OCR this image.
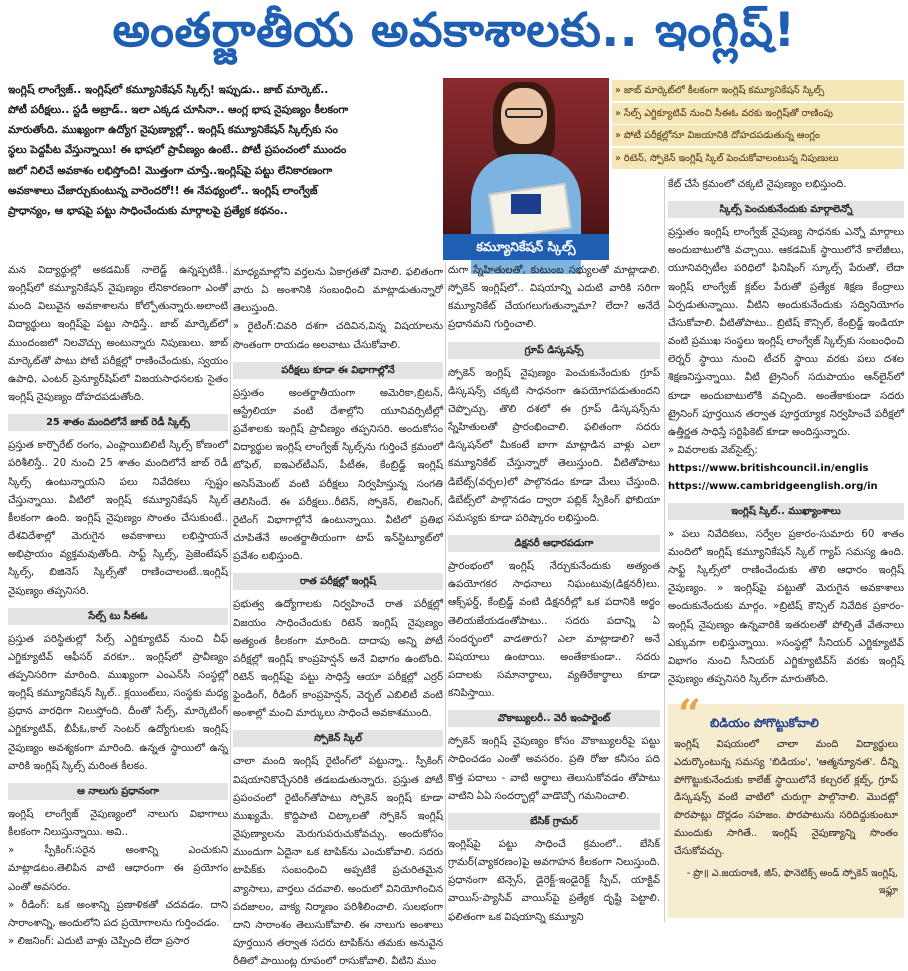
అంతర్జాతీయ అవకాశాలకు.. ఇంగ్లిష్‌!
ఇంగ్లిష్‌ లాంగ్వేజ్‌.. ఇంగ్లిష్‌లో కమ్యూనికేషన్‌ స్కిల్స్‌! ఇప్పుడు.. జాబ్‌ మార్కెట్‌..
పోటీ పరీక్షలు.. స్టడీ అబ్రాడ్‌.. ఇలా ఎక్కడ చూసినా.. ఆంగ్ల భాష నైపుణ్యం కీలకంగా
మారుతోంది. ముఖ్యంగా ఉద్యోగ నైపుణ్యాల్లో.. ఇంగ్లిష్‌ కమ్యూనికేషన్‌ స్కిల్స్‌కు సం
స్థలు పెద్దపీట వేస్తున్నాయి! ఈ భాషలో ప్రావీణ్యం ఉంటే.. పోటీ ప్రపంచంలో ముందం
జలో నిలిచే అవకాశం లభిస్తోంది! మొత్తంగా చూస్తే..ఇంగ్లిష్‌పై పట్టు లేనికారణంగా
అవకాశాలు చేజార్చుకుంటున్న వారెందరో!! ఈ నేపథ్యంలో.. ఇంగ్లిష్‌ లాంగ్వేజ్‌
ప్రాధాన్యం, ఆ భాషపై పట్టు సాధించేందుకు మార్గాలపై ప్రత్యేక కథనం..
కమ్యూనికేషన్‌ స్కిల్స్‌
» జాబ్‌ మార్కెట్‌లో కీలకంగా ఇంగ్లిష్‌ కమ్యూనికేషన్‌ స్కిల్స్‌
» సేల్స్‌ ఎగ్జిక్యూటివ్‌ నుంచి సీఈఓ వరకు ఇంగ్లిష్‌తో రాణింపు
» పోటీ పరీక్షల్లోనూ విజయానికి దోహదపడుతున్న ఆంగ్లం
» రిటెన్‌, స్పోకెన్‌ ఇంగ్లిష్‌ స్కిల్‌ పెంచుకోవాలంటున్న నిపుణులు
మన విద్యార్థుల్లో అకడమిక్‌ నాలెడ్జ్‌ ఉన్నప్పటికీ.. ఇంగ్లిష్‌లో కమ్యూనికేషన్‌ నైపుణ్యం లేనికారణంగా ఎంతో మంది విలువైన అవకాశాలను కోల్పోతున్నారు.అలాంటి విద్యార్థులు ఇంగ్లిష్‌పై పట్టు సాధిస్తే.. జాబ్‌ మార్కెట్‌లో ముందంజలో నిలవొచ్చు అంటున్నారు నిపుణులు. జాబ్‌ మార్కెట్‌తో పాటు పోటీ పరీక్షల్లో రాణించేందుకు, స్వయం ఉపాధి, ఎంటర్‌ ప్రెన్యూర్‌షిప్‌లో విజయసాధనలకు సైతం ఇంగ్లిష్‌ నైపుణ్యం దోహదపడుతోంది.
25 శాతం మందిలోనే జాబ్‌ రెడీ స్కిల్స్‌
ప్రస్తుత కార్పొరేట్‌ రంగం, ఎంప్లాయిబిలిటీ స్కిల్స్‌ కోణంలో పరిశీలిస్తే.. 20 నుంచి 25 శాతం మందిలోనే జాబ్‌ రెడీ స్కిల్స్‌ ఉంటున్నాయని పలు నివేదికలు స్పష్టం చేస్తున్నాయి. వీటిలో ఇంగ్లిష్‌ కమ్యూనికేషన్‌ స్కిల్‌ కీలకంగా ఉంది. ఇంగ్లిష్‌ నైపుణ్యం సొంతం చేసుకుంటే.. దేశవిదేశాల్లో మెరుగైన అవకాశాలు లభిస్తాయనే అభిప్రాయం వ్యక్తమవుతోంది. సాఫ్ట్‌ స్కిల్స్‌, ప్రెజెంటేషన్‌ స్కిల్స్‌, బిజినెస్‌ స్కిల్స్‌తో రాణించాలంటే..ఇంగ్లిష్‌ నైపుణ్యం తప్పనిసరి.
సేల్స్‌ టు సీఈఓ
ప్రస్తుత పరిస్థితుల్లో సేల్స్‌ ఎగ్జిక్యూటివ్‌ నుంచి చీఫ్‌ ఎగ్జిక్యూటివ్‌ ఆఫీసర్‌ వరకూ.. ఇంగ్లిష్‌లో ప్రావీణ్యం తప్పనిసరిగా మారింది. ముఖ్యంగా ఎంఎన్‌సీ సంస్థల్లో ఇంగ్లిష్‌ కమ్యూనికేషన్‌ స్కిల్‌.. క్లయింట్‌లు, సంస్థకు మధ్య ప్రధాన వారధిగా నిలుస్తోంది. దీంతో సేల్స్‌, మార్కెటింగ్‌ ఎగ్జిక్యూటివ్‌, బీపీఓ,కాల్‌ సెంటర్‌ ఉద్యోగులకు ఇంగ్లిష్‌ నైపుణ్యం అవశ్యకంగా మారింది. ఉన్నత స్థాయిలో ఉన్న వారికి ఇంగ్లిష్‌ స్కిల్స్‌ మరింత కీలకం.
ఆ నాలుగు ప్రధానంగా
ఇంగ్లిష్‌ లాంగ్వేజ్‌ నైపుణ్యంలో నాలుగు విభాగాలు కీలకంగా నిలుస్తున్నాయి. అవి..
» స్పీకింగ్‌:సరైన అంశాన్ని ఎంచుకుని మాట్లాడటం.తెలిపిన వాటి ఆధారంగా ఈ ప్రయోగం ఎంతో అవసరం.
» రీడింగ్‌: ఒక అంశాన్ని ప్రణాళికతో చదవడం. దాని సారాంశాన్ని, అందులోని పద ప్రయోగాలను గుర్తించడం.
» లిజనింగ్‌: ఎదుటి వాళ్లు చెప్పింది లేదా ప్రసార
మాధ్యమాల్లోని వర్తలను ఏకాగ్రతతో వినాలి. ఫలితంగా వారు ఏ అంశానికి సంబంధించి మాట్లాడుతున్నారో తెలుస్తుంది.
» రైటింగ్‌:చివరి దశగా చదివిన,విన్న విషయాలను సొంతంగా రాయడం అలవాటు చేసుకోవాలి.
పరీక్షలు కూడా ఈ విభాగాల్లోనే
ప్రస్తుతం అంతర్జాతీయంగా అమెరికా,బ్రిటన్‌, ఆస్ట్రేలియా వంటి దేశాల్లోని యూనివర్సిటీల్లో ప్రవేశాలకు ఇంగ్లిష్‌ ప్రావీణ్యం తప్పనిసరి. అందుకోసం విద్యార్థుల ఇంగ్లిష్‌ లాంగ్వేజ్‌ స్కిల్స్‌ను గుర్తించే క్రమంలో టోఫెల్‌, ఐఇఎల్‌టీఎస్‌, పీటీఈ, కేంబ్రిడ్జ్‌ ఇంగ్లిష్‌ అసెస్‌మెంట్‌ వంటి పరీక్షలు నిర్వహిస్తున్న సంగతి తెలిసిందే. ఈ పరీక్షలు..రీటెన్‌, స్పోకెన్‌, లిజనింగ్‌, రైటింగ్‌ విభాగాల్లోనే ఉంటున్నాయి. వీటిలో ప్రతిభ చూపితేనే అంతర్జాతీయంగా టాప్‌ ఇన్‌స్టిట్యూట్‌లో ప్రవేశం లభిస్తుంది.
రాత పరీక్షల్లో ఇంగ్లిష్‌
ప్రభుత్వ ఉద్యోగాలకు నిర్వహించే రాత పరీక్షల్లో విజయం సాధించేందుకు రిటెన్‌ ఇంగ్లిష్‌ నైపుణ్యం అత్యంత కీలకంగా మారింది. దాదాపు అన్ని పోటీ పరీక్షల్లో ఇంగ్లిష్‌ కాంప్రహెన్షన్‌ అనే విభాగం ఉంటోంది. రిటెన్‌ ఇంగ్లిష్‌పై పట్టు సాధిస్తే ఆయా పరీక్షల్లో ఎర్రర్‌ ఫైండింగ్‌, రీడింగ్‌ కాంప్రహెన్షన్‌, వెర్బల్‌ ఎబిలిటీ వంటి అంశాల్లో మంచి మార్కులు సాధించే అవకాశముంది.
స్పోకెన్‌ స్కిల్‌
చాలా మంది ఇంగ్లిష్‌ రైటింగ్‌లో పట్టున్నా.. స్పీకింగ్‌ విషయానికొచ్చేసరికి తడబడుతున్నారు. ప్రస్తుత పోటీ ప్రపంచంలో రైటింగ్‌తోపాటు స్పోకెన్‌ ఇంగ్లిష్‌ కూడా ముఖ్యమే. కొద్దిపాటి చిట్కాలతో స్పోకెన్‌ ఇంగ్లిష్‌ నైపుణ్యాలను మెరుగుపరుచుకోవచ్చు. అందుకోసం ముందుగా ఏదైనా ఒక టాపిక్‌ను ఎంచుకోవాలి. సదరు టాపిక్‌కు సంబంధించి అప్పటికే ప్రచురితమైన వ్యాసాలు, వార్తలు చదవాలి. అందులో వినియోగించిన పదజాలం, వాక్య నిర్మాణం పరిశీలించాలి. సులభంగా దాని సారాంశం తెలుసుకోవాలి. ఈ నాలుగు అంశాలు పూర్తయిన తర్వాత సదరు టాపిక్‌ను తమకు అనువైన రీతిలో పాయింట్ల రూపంలో రాసుకోవాలి. వీటిని ముం
దుగా స్నేహితులతో, కుటుంబ సభ్యులతో మాట్లాడాలి. స్పోకెన్‌ ఇంగ్లిష్‌లో.. విషయాన్ని ఎదుటి వారికి సరిగా కమ్యూనికేట్‌ చేయగలుగుతున్నామా? లేదా? అనేదే ప్రధానమని గుర్తించాలి.
గ్రూప్‌ డిస్కషన్స్‌
స్పోకెన్‌ ఇంగ్లిష్‌ నైపుణ్యం పెంచుకునేందుకు గ్రూప్‌ డిస్కషన్స్‌ చక్కటి సాధనంగా ఉపయోగపడుతుందని చెప్పొచ్చు. తొలి దశలో ఈ గ్రూప్‌ డిస్కషన్స్‌ను స్నేహితులతో ప్రారంభించాలి. ఫలితంగా సదరు డిస్కషన్‌లో మీకంటే బాగా మాట్లాడిన వాళ్లు ఎలా కమ్యూనికేట్‌ చేస్తున్నారో తెలుస్తుంది. వీటితోపాటు డిబేట్స్‌(వర్చల)లో పాల్గొనడం కూడా మేలు చేస్తుంది. డిబేట్స్‌లో పాల్గొనడం ద్వారా పబ్లిక్‌ స్పీకింగ్‌ ఫోబియా సమస్యకు కూడా పరిష్కారం లభిస్తుంది.
డిక్షనరీ ఆధారపడుగా
ప్రారంభంలో ఇంగ్లిష్‌ నేర్చుకునేందుకు అత్యంత ఉపయోగకర సాధనాలు నిఘంటువు(డిక్షనరీ)లు. ఆక్స్‌ఫర్డ్‌, కేంబ్రిడ్జ్‌ వంటి డిక్షనరీల్లో ఒక పదానికి అర్థం తెలియజేయడంతోపాటు.. సదరు పదాన్ని ఏ సందర్భంలో వాడతారు? ఎలా మాట్లాడాలి? అనే విషయాలు ఉంటాయి. అంతేకాకుండా.. సదరు పదాలకు సమానార్థాలు, వ్యతిరేకార్థాలు కూడా కనిపిస్తాయి.
వొకాబ్యులరీ.. వెరీ ఇంపార్టెంట్‌
స్పోకెన్‌ ఇంగ్లిష్‌ నైపుణ్యం కోసం వొకాబ్యులరీపై పట్టు సాధించడం ఎంతో అవసరం. ప్రతి రోజు కనీసం పది కొత్త పదాలు - వాటి అర్థాలు తెలుసుకోవడం తోపాటు వాటిని ఏఏ సందర్భాల్లో వాడొచ్చో గమనించాలి.
బేసిక్‌ గ్రామర్‌
ఇంగ్లిష్‌పై పట్టు సాధించే క్రమంలో.. బేసిక్‌ గ్రామర్‌(వ్యాకరణం)పై అవగాహన కీలకంగా నిలుస్తుంది. ప్రధానంగా టెన్సెస్‌, డైరెక్ట్‌-ఇండైరెక్ట్‌ స్పీచ్‌, యాక్టివ్‌ వాయిస్‌-ప్యాసివ్‌ వాయిస్‌పై ప్రత్యేక దృష్టి పెట్టాలి. ఫలితంగా ఒక విషయాన్ని కమ్యూని
కేట్‌ చేసే క్రమంలో చక్కటి నైపుణ్యం లభిస్తుంది.
స్కిల్స్‌ పెంచుకునేందుకు మార్గాలెన్నో
ప్రస్తుతం ఇంగ్లిష్‌ లాంగ్వేజ్‌ నైపుణ్య సాధనకు ఎన్నో మార్గాలు అందుబాటులోకి వచ్చాయి. ఆకడమిక్‌ స్థాయిలోనే కాలేజీలు, యూనివర్సిటీల పరిధిలో ఫినిషింగ్‌ స్కూల్స్‌ పేరుతో, లేదా ఇంగ్లిష్‌ లాంగ్వేజ్‌ క్లబ్‌ల పేరుతో ప్రత్యేక శిక్షణ కేంద్రాలు ఏర్పడుతున్నాయి. వీటిని అందుకునేందుకు సద్వినియోగం చేసుకోవాలి. వీటితోపాటు.. బ్రిటిష్‌ కౌన్సిల్‌, కేంబ్రిడ్జ్‌ ఇండియా వంటి ప్రముఖ సంస్థలు ఇంగ్లిష్‌ లాంగ్వేజ్‌ స్కిల్స్‌కు సంబంధించి లెర్నర్‌ స్థాయి నుంచి టీచర్‌ స్థాయి వరకు పలు దశల శిక్షణనిస్తున్నాయి. వీటి ట్రైనింగ్‌ సదుపాయం ఆన్‌లైన్‌లో కూడా అందుబాటులోకి వచ్చింది. అంతేకాకుండా సదరు ట్రైనింగ్‌ పూర్తయిన తర్వాత పూర్తయ్యాక నిర్వహించే పరీక్షలో ఉత్తీర్ణత సాధిస్తే సర్టిఫికెట్‌ కూడా అందిస్తున్నారు.
» వివరాలకు వెబ్‌సైట్స్‌:
https://www.britishcouncil.in/englis
https://www.cambridgeenglish.org/in
ఇంగ్లిష్‌ స్కిల్‌.. ముఖ్యాంశాలు
» పలు నివేదికలు, సర్వేల ప్రకారం-సుమారు 60 శాతం మందిలో ఇంగ్లిష్‌ కమ్యూనికేషన్‌ స్కిల్‌ గ్యాప్‌ సమస్య ఉంది. సాఫ్ట్‌ స్కిల్స్‌లో రాణించేందుకు తొలి ఆధారం ఇంగ్లిష్‌ నైపుణ్యం. » ఇంగ్లిష్‌పై పట్టుతో మెరుగైన అవకాశాలు అందుకునేందుకు మార్గం. »బ్రిటిష్‌ కౌన్సిల్‌ నివేదిక ప్రకారం-ఇంగ్లిష్‌ నైపుణ్యం ఉన్నవారికి ఇతరులతో పోల్చితే వేతనాలు ఎక్కువగా లభిస్తున్నాయి. »సంస్థల్లో సీనియర్‌ ఎగ్జిక్యూటివ్‌ విభాగం నుంచి సీనియర్‌ ఎగ్జిక్యూటివ్‌స్‌ వరకు ఇంగ్లిష్‌ నైపుణ్యం తప్పనిసరి స్కిల్‌గా మారుతోంది.
“ బిడియం పోగొట్టుకోవాలి
ఇంగ్లిష్‌ విషయంలో చాలా మంది విద్యార్థులు ఎదుర్కొంటున్న సమస్య 'బిడియం', 'ఆత్మన్యూనత'. దీన్ని పోగొట్టుకునేందుకు కాలేజ్‌ స్థాయిలోనే కల్చరల్‌ క్లబ్స్‌, గ్రూప్‌ డిస్కషన్స్‌ వంటి వాటిలో చురుగ్గా పాల్గొనాలి. మొదట్లో పొరపాట్లు దొర్లడం సహజం. పొరపాటును సరిదిద్దుకుంటూ ముందుకు సాగితే.. ఇంగ్లిష్‌ నైపుణ్యాన్ని సొంతం చేసుకోవచ్చు.
- ప్రొ॥ ఎ.జయరాణి, జీస్‌, ఫొనెటిక్స్‌ అండ్‌ స్పోకెన్‌ ఇంగ్లిష్‌, ఇఫ్లూ
